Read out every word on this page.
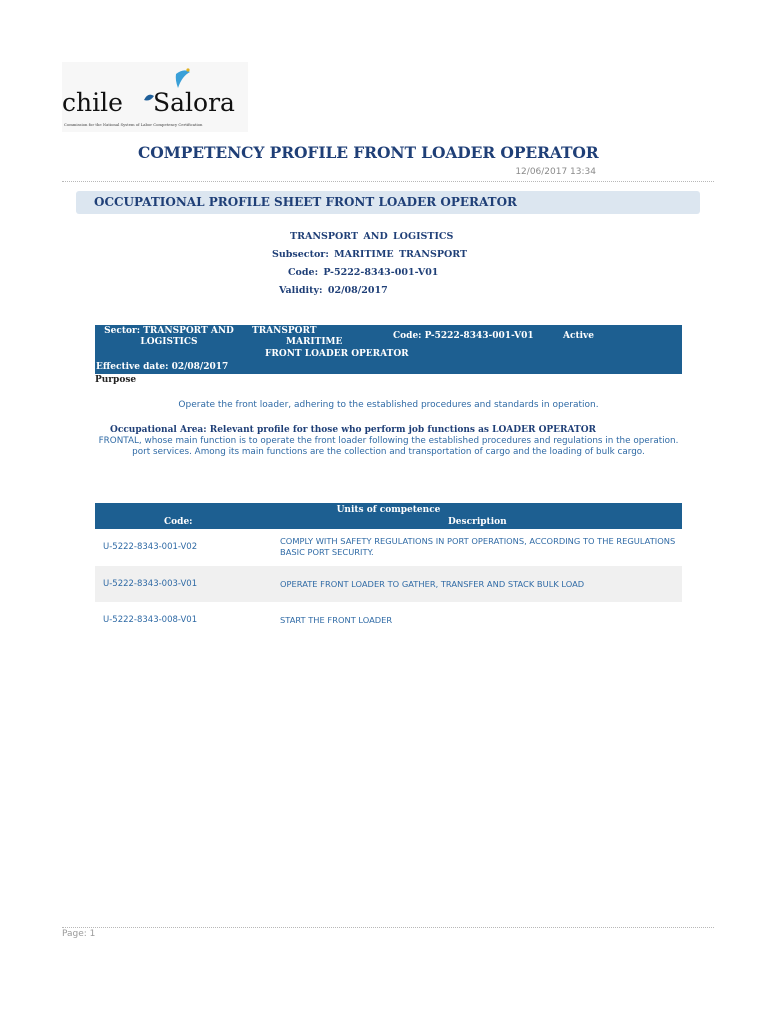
chile Salora
Commission for the National System of Labor Competency Certification
COMPETENCY PROFILE FRONT LOADER OPERATOR
12/06/2017 13:34
OCCUPATIONAL PROFILE SHEET FRONT LOADER OPERATOR
TRANSPORT AND LOGISTICS
Subsector: MARITIME TRANSPORT
Code: P-5222-8343-001-V01
Validity: 02/08/2017
Sector: TRANSPORT AND
LOGISTICS
TRANSPORT
MARITIME
Code: P-5222-8343-001-V01	Active
FRONT LOADER OPERATOR
Effective date: 02/08/2017
Purpose
Operate the front loader, adhering to the established procedures and standards in operation.
Occupational Area: Relevant profile for those who perform job functions as LOADER OPERATOR
FRONTAL, whose main function is to operate the front loader following the established procedures and regulations in the operation.
port services. Among its main functions are the collection and transportation of cargo and the loading of bulk cargo.
Units of competence
Code:	Description
U-5222-8343-001-V02
COMPLY WITH SAFETY REGULATIONS IN PORT OPERATIONS, ACCORDING TO THE REGULATIONS BASIC PORT SECURITY.
U-5222-8343-003-V01	OPERATE FRONT LOADER TO GATHER, TRANSFER AND STACK BULK LOAD
U-5222-8343-008-V01	START THE FRONT LOADER
Page: 1
